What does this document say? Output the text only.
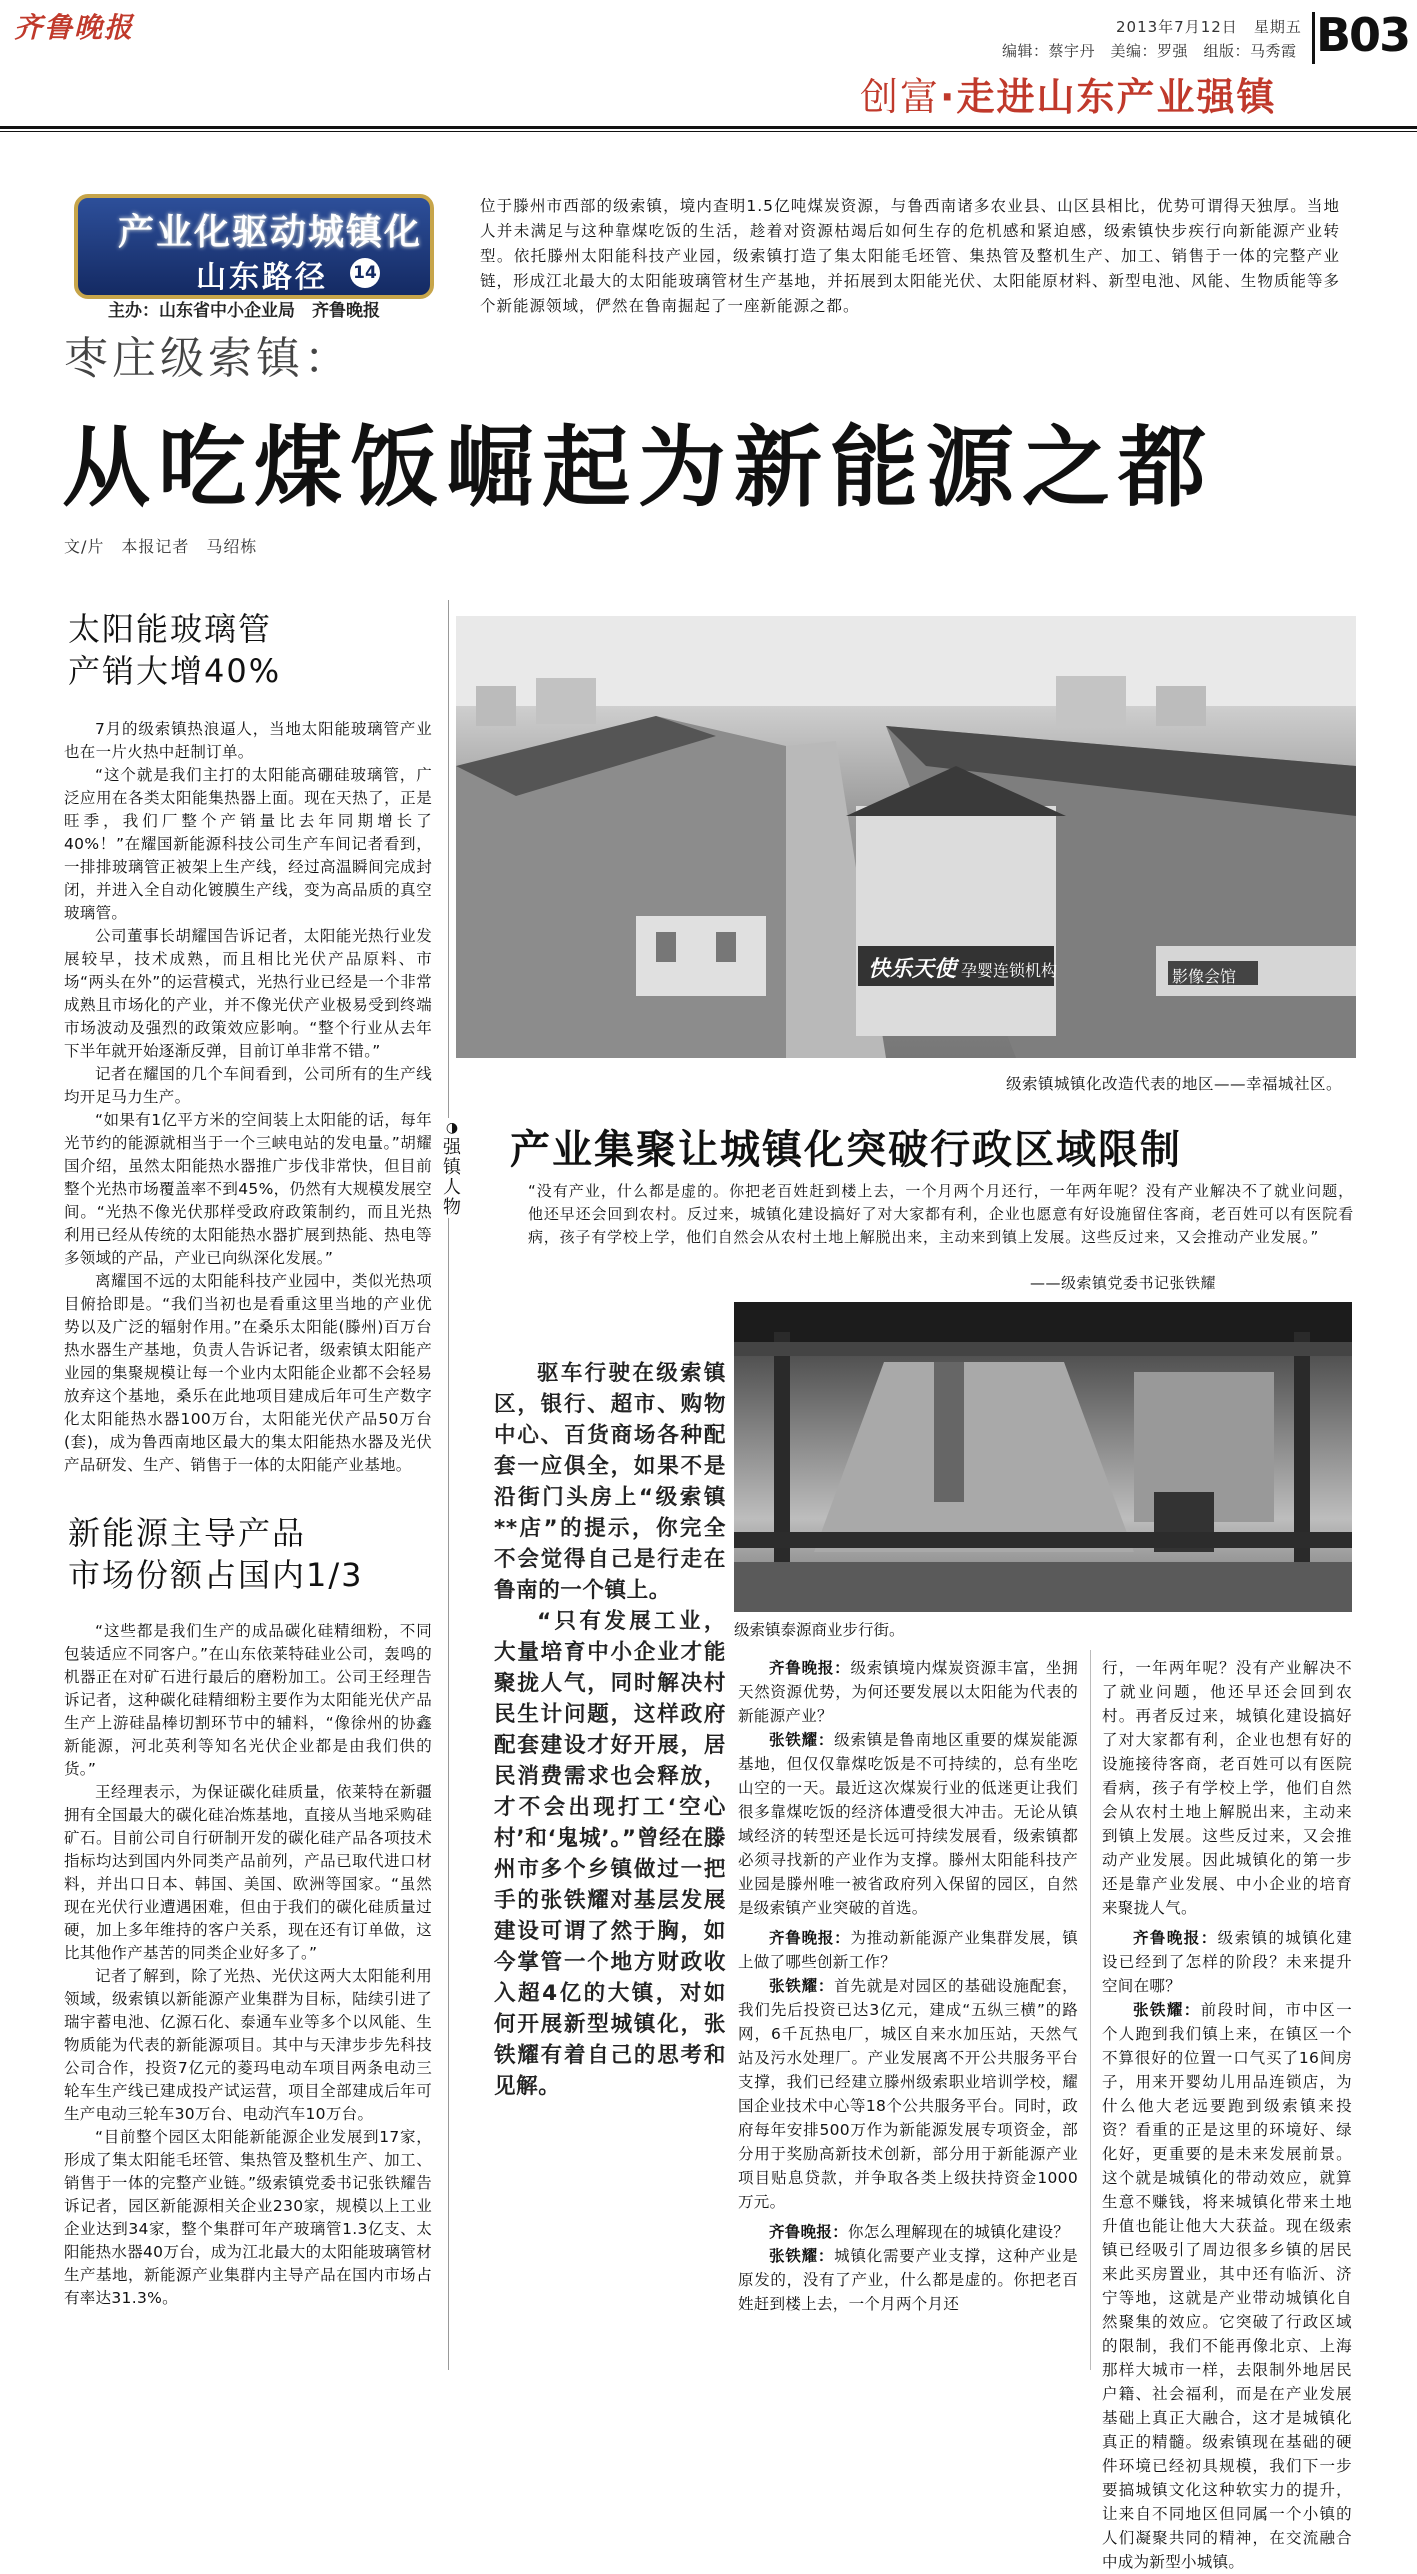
齐鲁晚报	2013年7月12日　 星期五
编辑：蔡宇丹　美编：罗强　组版：马秀霞 B03
创富·走进山东产业强镇
产业化驱动城镇化
山东路径 14
主办：山东省中小企业局　齐鲁晚报

位于滕州市西部的级索镇，境内查明1.5亿吨煤炭资源，与鲁西南诸多农业县、山区县相比，优势可谓得天独厚。当地人并未满足与这种靠煤吃饭的生活，趁着对资源枯竭后如何生存的危机感和紧迫感，级索镇快步疾行向新能源产业转型。依托滕州太阳能科技产业园，级索镇打造了集太阳能毛坯管、集热管及整机生产、加工、销售于一体的完整产业链，形成江北最大的太阳能玻璃管材生产基地，并拓展到太阳能光伏、太阳能原材料、新型电池、风能、生物质能等多个新能源领域，俨然在鲁南掘起了一座新能源之都。

枣庄级索镇：
从吃煤饭崛起为新能源之都
文/片　本报记者　马绍栋
太阳能玻璃管
产销大增40%

7月的级索镇热浪逼人，当地太阳能玻璃管产业也在一片火热中赶制订单。

“这个就是我们主打的太阳能高硼硅玻璃管，广泛应用在各类太阳能集热器上面。现在天热了，正是旺季，我们厂整个产销量比去年同期增长了40%！”在耀国新能源科技公司生产车间记者看到，一排排玻璃管正被架上生产线，经过高温瞬间完成封闭，并进入全自动化镀膜生产线，变为高品质的真空玻璃管。

公司董事长胡耀国告诉记者，太阳能光热行业发展较早，技术成熟，而且相比光伏产品原料、市场“两头在外”的运营模式，光热行业已经是一个非常成熟且市场化的产业，并不像光伏产业极易受到终端市场波动及强烈的政策效应影响。“整个行业从去年下半年就开始逐渐反弹，目前订单非常不错。”

记者在耀国的几个车间看到，公司所有的生产线均开足马力生产。

“如果有1亿平方米的空间装上太阳能的话，每年光节约的能源就相当于一个三峡电站的发电量。”胡耀国介绍，虽然太阳能热水器推广步伐非常快，但目前整个光热市场覆盖率不到45%，仍然有大规模发展空间。“光热不像光伏那样受政府政策制约，而且光热利用已经从传统的太阳能热水器扩展到热能、热电等多领域的产品，产业已向纵深化发展。”

离耀国不远的太阳能科技产业园中，类似光热项目俯拾即是。“我们当初也是看重这里当地的产业优势以及广泛的辐射作用。”在桑乐太阳能(滕州)百万台热水器生产基地，负责人告诉记者，级索镇太阳能产业园的集聚规模让每一个业内太阳能企业都不会轻易放弃这个基地，桑乐在此地项目建成后年可生产数字化太阳能热水器100万台，太阳能光伏产品50万台(套)，成为鲁西南地区最大的集太阳能热水器及光伏产品研发、生产、销售于一体的太阳能产业基地。

新能源主导产品
市场份额占国内1/3

“这些都是我们生产的成品碳化硅精细粉，不同包装适应不同客户。”在山东依莱特硅业公司，轰鸣的机器正在对矿石进行最后的磨粉加工。公司王经理告诉记者，这种碳化硅精细粉主要作为太阳能光伏产品生产上游硅晶棒切割环节中的辅料，“像徐州的协鑫新能源，河北英利等知名光伏企业都是由我们供的货。”

王经理表示，为保证碳化硅质量，依莱特在新疆拥有全国最大的碳化硅冶炼基地，直接从当地采购硅矿石。目前公司自行研制开发的碳化硅产品各项技术指标均达到国内外同类产品前列，产品已取代进口材料，并出口日本、韩国、美国、欧洲等国家。“虽然现在光伏行业遭遇困难，但由于我们的碳化硅质量过硬，加上多年维持的客户关系，现在还有订单做，这比其他作产基苦的同类企业好多了。”

记者了解到，除了光热、光伏这两大太阳能利用领域，级索镇以新能源产业集群为目标，陆续引进了瑞宇蓄电池、亿源石化、泰通车业等多个以风能、生物质能为代表的新能源项目。其中与天津步步先科技公司合作，投资7亿元的菱玛电动车项目两条电动三轮车生产线已建成投产试运营，项目全部建成后年可生产电动三轮车30万台、电动汽车10万台。

“目前整个园区太阳能新能源企业发展到17家，形成了集太阳能毛坯管、集热管及整机生产、加工、销售于一体的完整产业链。”级索镇党委书记张铁耀告诉记者，园区新能源相关企业230家，规模以上工业企业达到34家，整个集群可年产玻璃管1.3亿支、太阳能热水器40万台，成为江北最大的太阳能玻璃管材生产基地，新能源产业集群内主导产品在国内市场占有率达31.3%。

快乐天使 孕婴连锁机构	影像会馆
级索镇城镇化改造代表的地区——幸福城社区。
◑
强镇人物
产业集聚让城镇化突破行政区域限制

“没有产业，什么都是虚的。你把老百姓赶到楼上去，一个月两个月还行，一年两年呢？没有产业解决不了就业问题，他还早还会回到农村。反过来，城镇化建设搞好了对大家都有利，企业也愿意有好设施留住客商，老百姓可以有医院看病，孩子有学校上学，他们自然会从农村土地上解脱出来，主动来到镇上发展。这些反过来，又会推动产业发展。”

——级索镇党委书记张铁耀
级索镇泰源商业步行街。

驱车行驶在级索镇区，银行、超市、购物中心、百货商场各种配套一应俱全，如果不是沿街门头房上“级索镇**店”的提示，你完全不会觉得自己是行走在鲁南的一个镇上。

“只有发展工业，大量培育中小企业才能聚拢人气，同时解决村民生计问题，这样政府配套建设才好开展，居民消费需求也会释放，才不会出现打工‘空心村’和‘鬼城’。”曾经在滕州市多个乡镇做过一把手的张铁耀对基层发展建设可谓了然于胸，如今掌管一个地方财政收入超4亿的大镇，对如何开展新型城镇化，张铁耀有着自己的思考和见解。

齐鲁晚报：级索镇境内煤炭资源丰富，坐拥天然资源优势，为何还要发展以太阳能为代表的新能源产业？

张铁耀：级索镇是鲁南地区重要的煤炭能源基地，但仅仅靠煤吃饭是不可持续的，总有坐吃山空的一天。最近这次煤炭行业的低迷更让我们很多靠煤吃饭的经济体遭受很大冲击。无论从镇域经济的转型还是长远可持续发展看，级索镇都必须寻找新的产业作为支撑。滕州太阳能科技产业园是滕州唯一被省政府列入保留的园区，自然是级索镇产业突破的首选。

齐鲁晚报：为推动新能源产业集群发展，镇上做了哪些创新工作？

张铁耀：首先就是对园区的基础设施配套，我们先后投资已达3亿元，建成“五纵三横”的路网，6千瓦热电厂，城区自来水加压站，天然气站及污水处理厂。产业发展离不开公共服务平台支撑，我们已经建立滕州级索职业培训学校，耀国企业技术中心等18个公共服务平台。同时，政府每年安排500万作为新能源发展专项资金，部分用于奖励高新技术创新，部分用于新能源产业项目贴息贷款，并争取各类上级扶持资金1000万元。

齐鲁晚报：你怎么理解现在的城镇化建设？

张铁耀：城镇化需要产业支撑，这种产业是原发的，没有了产业，什么都是虚的。你把老百姓赶到楼上去，一个月两个月还

行，一年两年呢？没有产业解决不了就业问题，他还早还会回到农村。再者反过来，城镇化建设搞好了对大家都有利，企业也想有好的设施接待客商，老百姓可以有医院看病，孩子有学校上学，他们自然会从农村土地上解脱出来，主动来到镇上发展。这些反过来，又会推动产业发展。因此城镇化的第一步还是靠产业发展、中小企业的培育来聚拢人气。

齐鲁晚报：级索镇的城镇化建设已经到了怎样的阶段？未来提升空间在哪？

张铁耀：前段时间，市中区一个人跑到我们镇上来，在镇区一个不算很好的位置一口气买了16间房子，用来开婴幼儿用品连锁店，为什么他大老远要跑到级索镇来投资？看重的正是这里的环境好、绿化好，更重要的是未来发展前景。这个就是城镇化的带动效应，就算生意不赚钱，将来城镇化带来土地升值也能让他大大获益。现在级索镇已经吸引了周边很多乡镇的居民来此买房置业，其中还有临沂、济宁等地，这就是产业带动城镇化自然聚集的效应。它突破了行政区域的限制，我们不能再像北京、上海那样大城市一样，去限制外地居民户籍、社会福利，而是在产业发展基础上真正大融合，这才是城镇化真正的精髓。级索镇现在基础的硬件环境已经初具规模，我们下一步要搞城镇文化这种软实力的提升，让来自不同地区但同属一个小镇的人们凝聚共同的精神，在交流融合中成为新型小城镇。
